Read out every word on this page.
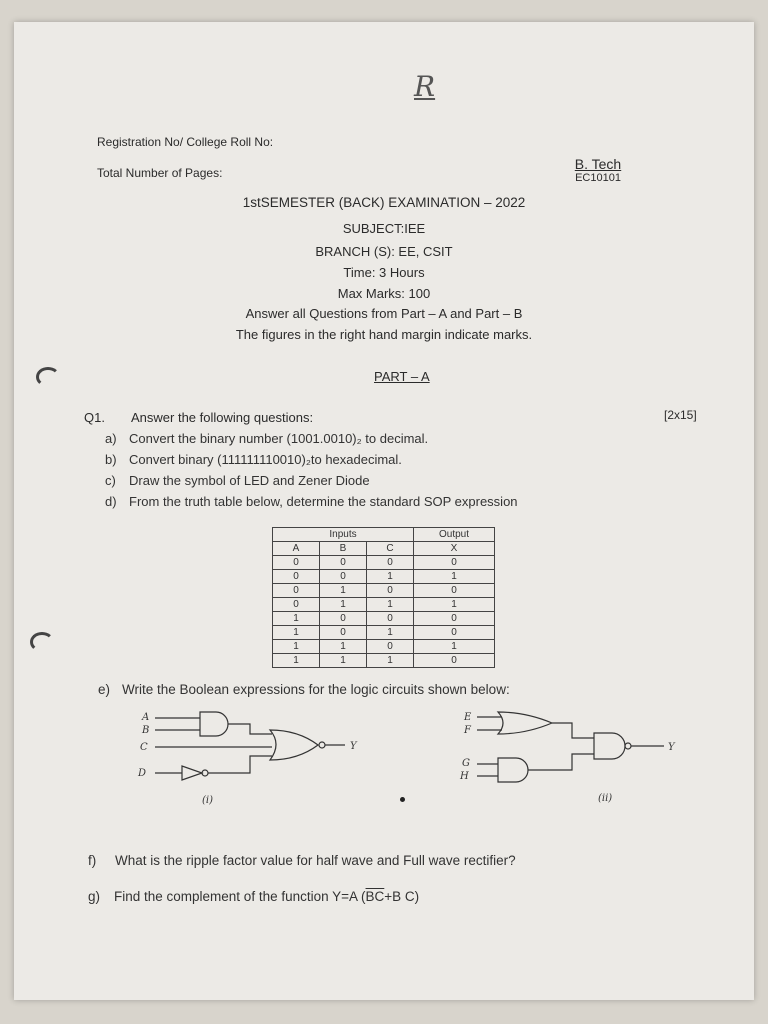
R
Registration No/ College Roll No:
Total Number of Pages:
B. Tech
EC10101
1stSEMESTER (BACK) EXAMINATION – 2022
SUBJECT:IEE
BRANCH (S): EE, CSIT
Time: 3 Hours
Max Marks: 100
Answer all Questions from Part – A and Part – B
The figures in the right hand margin indicate marks.
PART – A
Q1. Answer the following questions:	[2x15]
a) Convert the binary number (1001.0010)₂ to decimal.
b) Convert binary (111111110010)₂to hexadecimal.
c) Draw the symbol of LED and Zener Diode
d) From the truth table below, determine the standard SOP expression
Inputs			Output
A	B	C	X
0	0	0	0
0	0	1	1
0	1	0	0
0	1	1	1
1	0	0	0
1	0	1	0
1	1	0	1
1	1	1	0
e) Write the Boolean expressions for the logic circuits shown below:
A
B
C
D
Y
(i)
E
F
G
H
Y
(ii)
f) What is the ripple factor value for half wave and Full wave rectifier?
g) Find the complement of the function Y=A ($\overline{BC}+B$ C)
